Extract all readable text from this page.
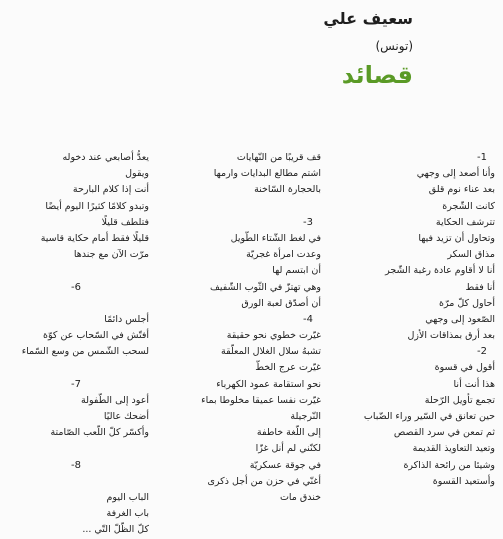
سعيف علي
(تونس)
قصائد
1-
وأنا أصعد إلى وجهي
بعد عناء نوم قلق
كانت الشّجرة
تترشف الحكاية
وتحاول أن تزيد فيها
مذاق السكر
أنا لا أقاوم عادة رغبة الشّجر
أنا فقط
أحاول كلّ مرّة
الصّعود إلى وجهي
بعد أرق بمذاقات الأزل
2-
أقول في قسوة
هذا أنت أنا
تجمع تأويل الرّحلة
حين تعانق في السّير وراء الضّباب
ثم تمعن في سرد القصص
وتعيد التعاويذ القديمة
وشيئا من رائحة الذاكرة
وأستعيد القسوة
قف قريبًا من النّهايات
اشتم مطالع البدايات وارمها
بالحجارة السّاخنة
3-
في لغط الشّتاء الطّويل
وعدت امرأة غجريّة
أن ابتسم لها
وهي تهتزّ في الثّوب الشّفيف
أن أصدّق لعبة الورق
4-
غيّرت خطوي نحو حقيقة
تشبهُ سلال الغلال المعلّقة
غيّرت عرج الخطّ
نحو استقامة عمود الكهرباء
غيّرت نفسا عميقا مخلوطا بماء
النّرجيلة
إلى اللّغة خاطفة
لكنّني لم أنل غزّا
في جوقة عسكريّة
أغنّي في حزن من أجل ذكرى
خندق مات
يعدُّ أصابعي عند دخوله
ويقول
أنت إذا كلام البارحة
وتبدو كلامًا كثيرًا اليوم أيضًا
فتلطف قليلًا
قليلًا فقط أمام حكاية قاسية
مرّت الآن مع جندها
6-
أجلس دائمًا
أفتّش في السّحاب عن كوّة
لسحب الشّمس من وسع السّماء
7-
أعود إلى الطّفولة
أضحك عاليًا
وأكسّر كلّ اللّعب الصّامتة
8-
الباب اليوم
باب الغرفة
كلّ الظّلّ التّي ...
